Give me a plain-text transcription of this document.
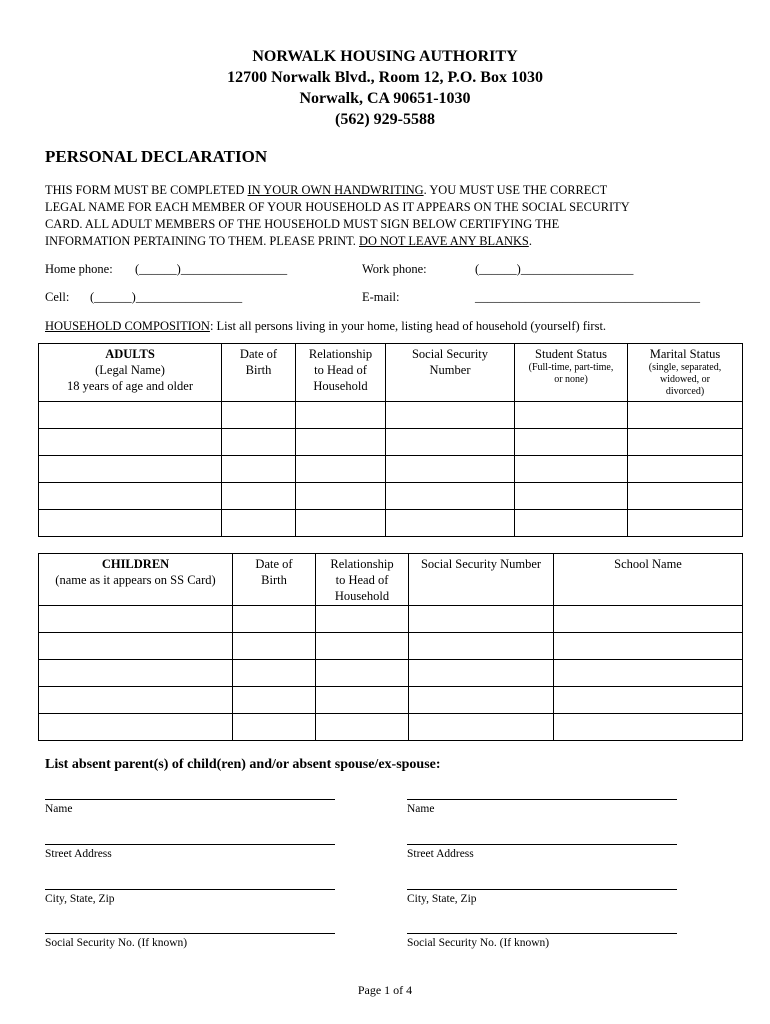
NORWALK HOUSING AUTHORITY
12700 Norwalk Blvd., Room 12, P.O. Box 1030
Norwalk, CA 90651-1030
(562) 929-5588
PERSONAL DECLARATION

THIS FORM MUST BE COMPLETED IN YOUR OWN HANDWRITING. YOU MUST USE THE CORRECT

LEGAL NAME FOR EACH MEMBER OF YOUR HOUSEHOLD AS IT APPEARS ON THE SOCIAL SECURITY

CARD. ALL ADULT MEMBERS OF THE HOUSEHOLD MUST SIGN BELOW CERTIFYING THE

INFORMATION PERTAINING TO THEM. PLEASE PRINT. DO NOT LEAVE ANY BLANKS.

Home phone: (______)_________________	Work phone:	(______)__________________
Cell: (______)_________________	E-mail:	____________________________________
HOUSEHOLD COMPOSITION: List all persons living in your home, listing head of household (yourself) first.
ADULTS
(Legal Name)
18 years of age and older	Date of
Birth	Relationship
to Head of
Household	Social Security
Number	Student Status
(Full-time, part-time,
or none)	Marital Status
(single, separated,
widowed, or
divorced)

CHILDREN
(name as it appears on SS Card)	Date of
Birth	Relationship
to Head of
Household	Social Security Number	School Name

List absent parent(s) of child(ren) and/or absent spouse/ex-spouse:
Name
Street Address
City, State, Zip
Social Security No. (If known)
Name
Street Address
City, State, Zip
Social Security No. (If known)
Page 1 of 4
